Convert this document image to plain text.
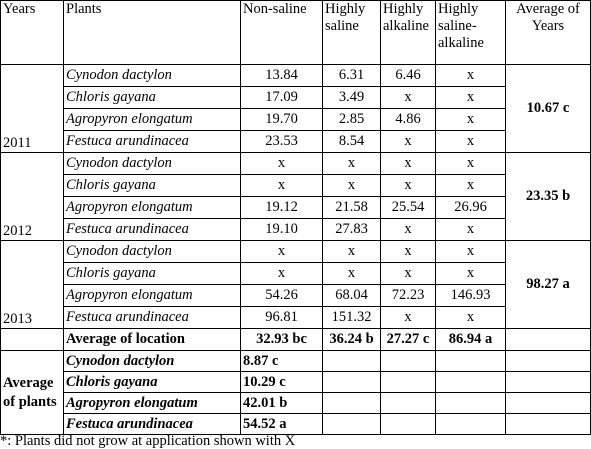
Years	Plants	Non-saline	Highly saline	Highly alkaline	Highly saline-alkaline	Average of Years
2011	Cynodon dactylon	13.84	6.31	6.46	x	10.67 c
	Chloris gayana	17.09	3.49	x	x	
	Agropyron elongatum	19.70	2.85	4.86	x	
	Festuca arundinacea	23.53	8.54	x	x	
2012	Cynodon dactylon	x	x	x	x	23.35 b
	Chloris gayana	x	x	x	x	
	Agropyron elongatum	19.12	21.58	25.54	26.96	
	Festuca arundinacea	19.10	27.83	x	x	
2013	Cynodon dactylon	x	x	x	x	98.27 a
	Chloris gayana	x	x	x	x	
	Agropyron elongatum	54.26	68.04	72.23	146.93	
	Festuca arundinacea	96.81	151.32	x	x	
	Average of location	32.93 bc	36.24 b	27.27 c	86.94 a	
Average of plants	Cynodon dactylon	8.87 c				
	Chloris gayana	10.29 c				
	Agropyron elongatum	42.01 b				
	Festuca arundinacea	54.52 a				
*: Plants did not grow at application shown with X
